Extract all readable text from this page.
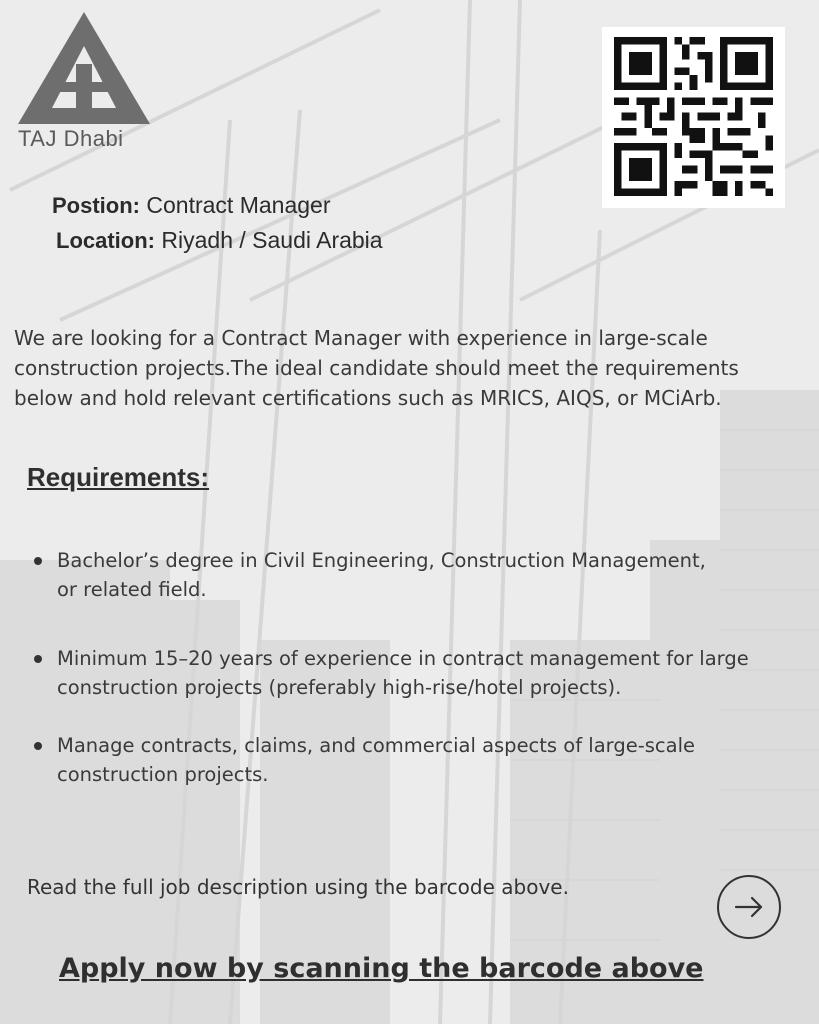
TAJ Dhabi
Postion: Contract Manager
Location: Riyadh / Saudi Arabia
We are looking for a Contract Manager with experience in large-scale
construction projects.The ideal candidate should meet the requirements
below and hold relevant certifications such as MRICS, AIQS, or MCiArb.
Requirements:
Bachelor’s degree in Civil Engineering, Construction Management,
or related field.
Minimum 15–20 years of experience in contract management for large
construction projects (preferably high-rise/hotel projects).
Manage contracts, claims, and commercial aspects of large-scale
construction projects.
Read the full job description using the barcode above.
Apply now by scanning the barcode above
